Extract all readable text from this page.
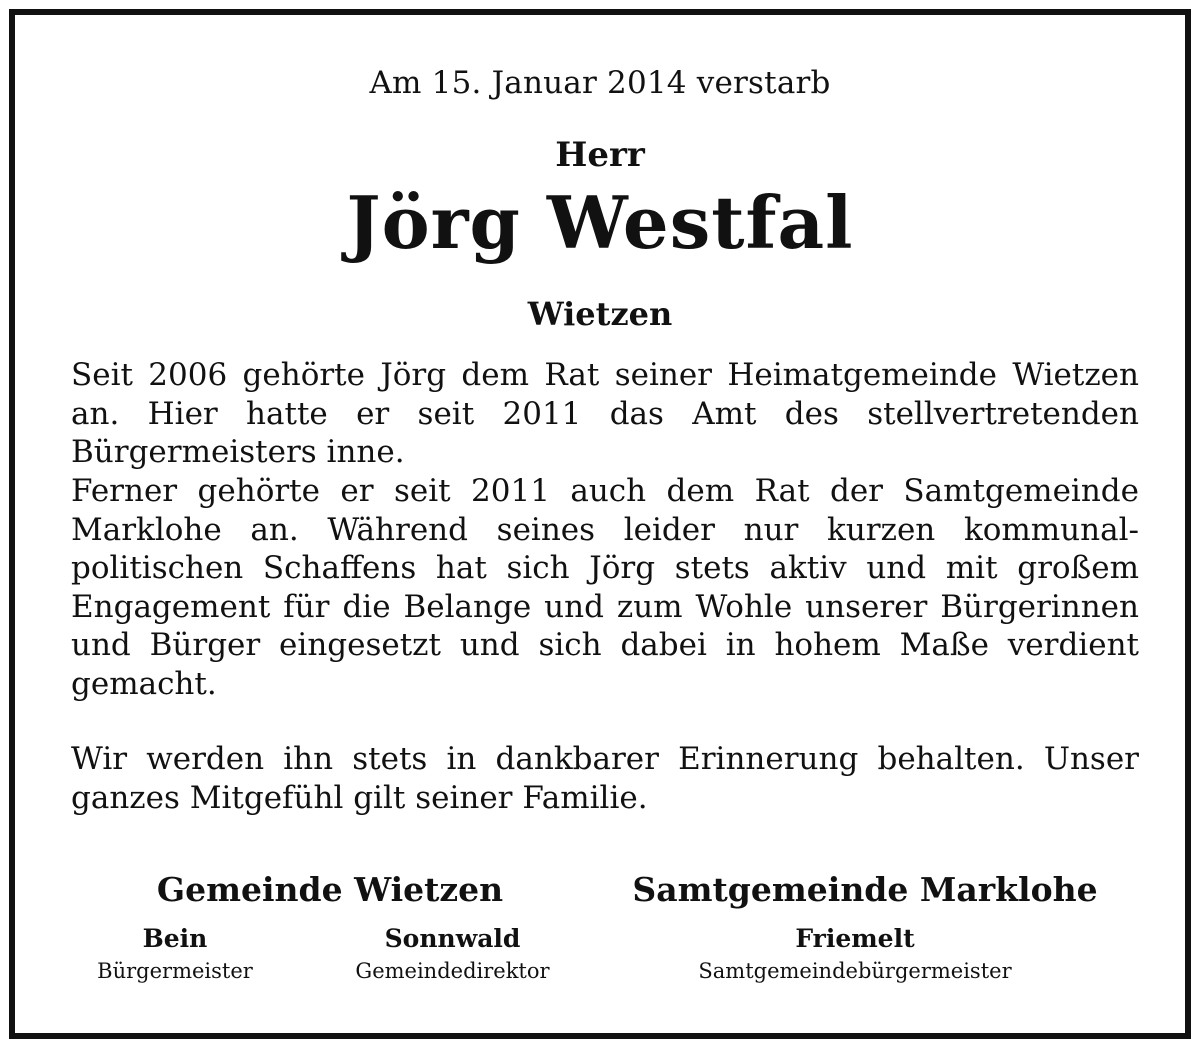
Am 15. Januar 2014 verstarb
Herr
Jörg Westfal
Wietzen

Seit 2006 gehörte Jörg dem Rat seiner Heimatgemeinde Wietzen an. Hier hatte er seit 2011 das Amt des stellvertretenden Bürgermeisters inne.

Ferner gehörte er seit 2011 auch dem Rat der Samtgemeinde Marklohe an. Während seines leider nur kurzen kommunalpolitischen Schaffens hat sich Jörg stets aktiv und mit großem Engagement für die Belange und zum Wohle unserer Bürgerinnen und Bürger eingesetzt und sich dabei in hohem Maße verdient gemacht.

Wir werden ihn stets in dankbarer Erinnerung behalten. Unser ganzes Mitgefühl gilt seiner Familie.

Gemeinde Wietzen	Samtgemeinde Marklohe
Bein
Bürgermeister
Sonnwald
Gemeindedirektor
Friemelt
Samtgemeindebürgermeister
